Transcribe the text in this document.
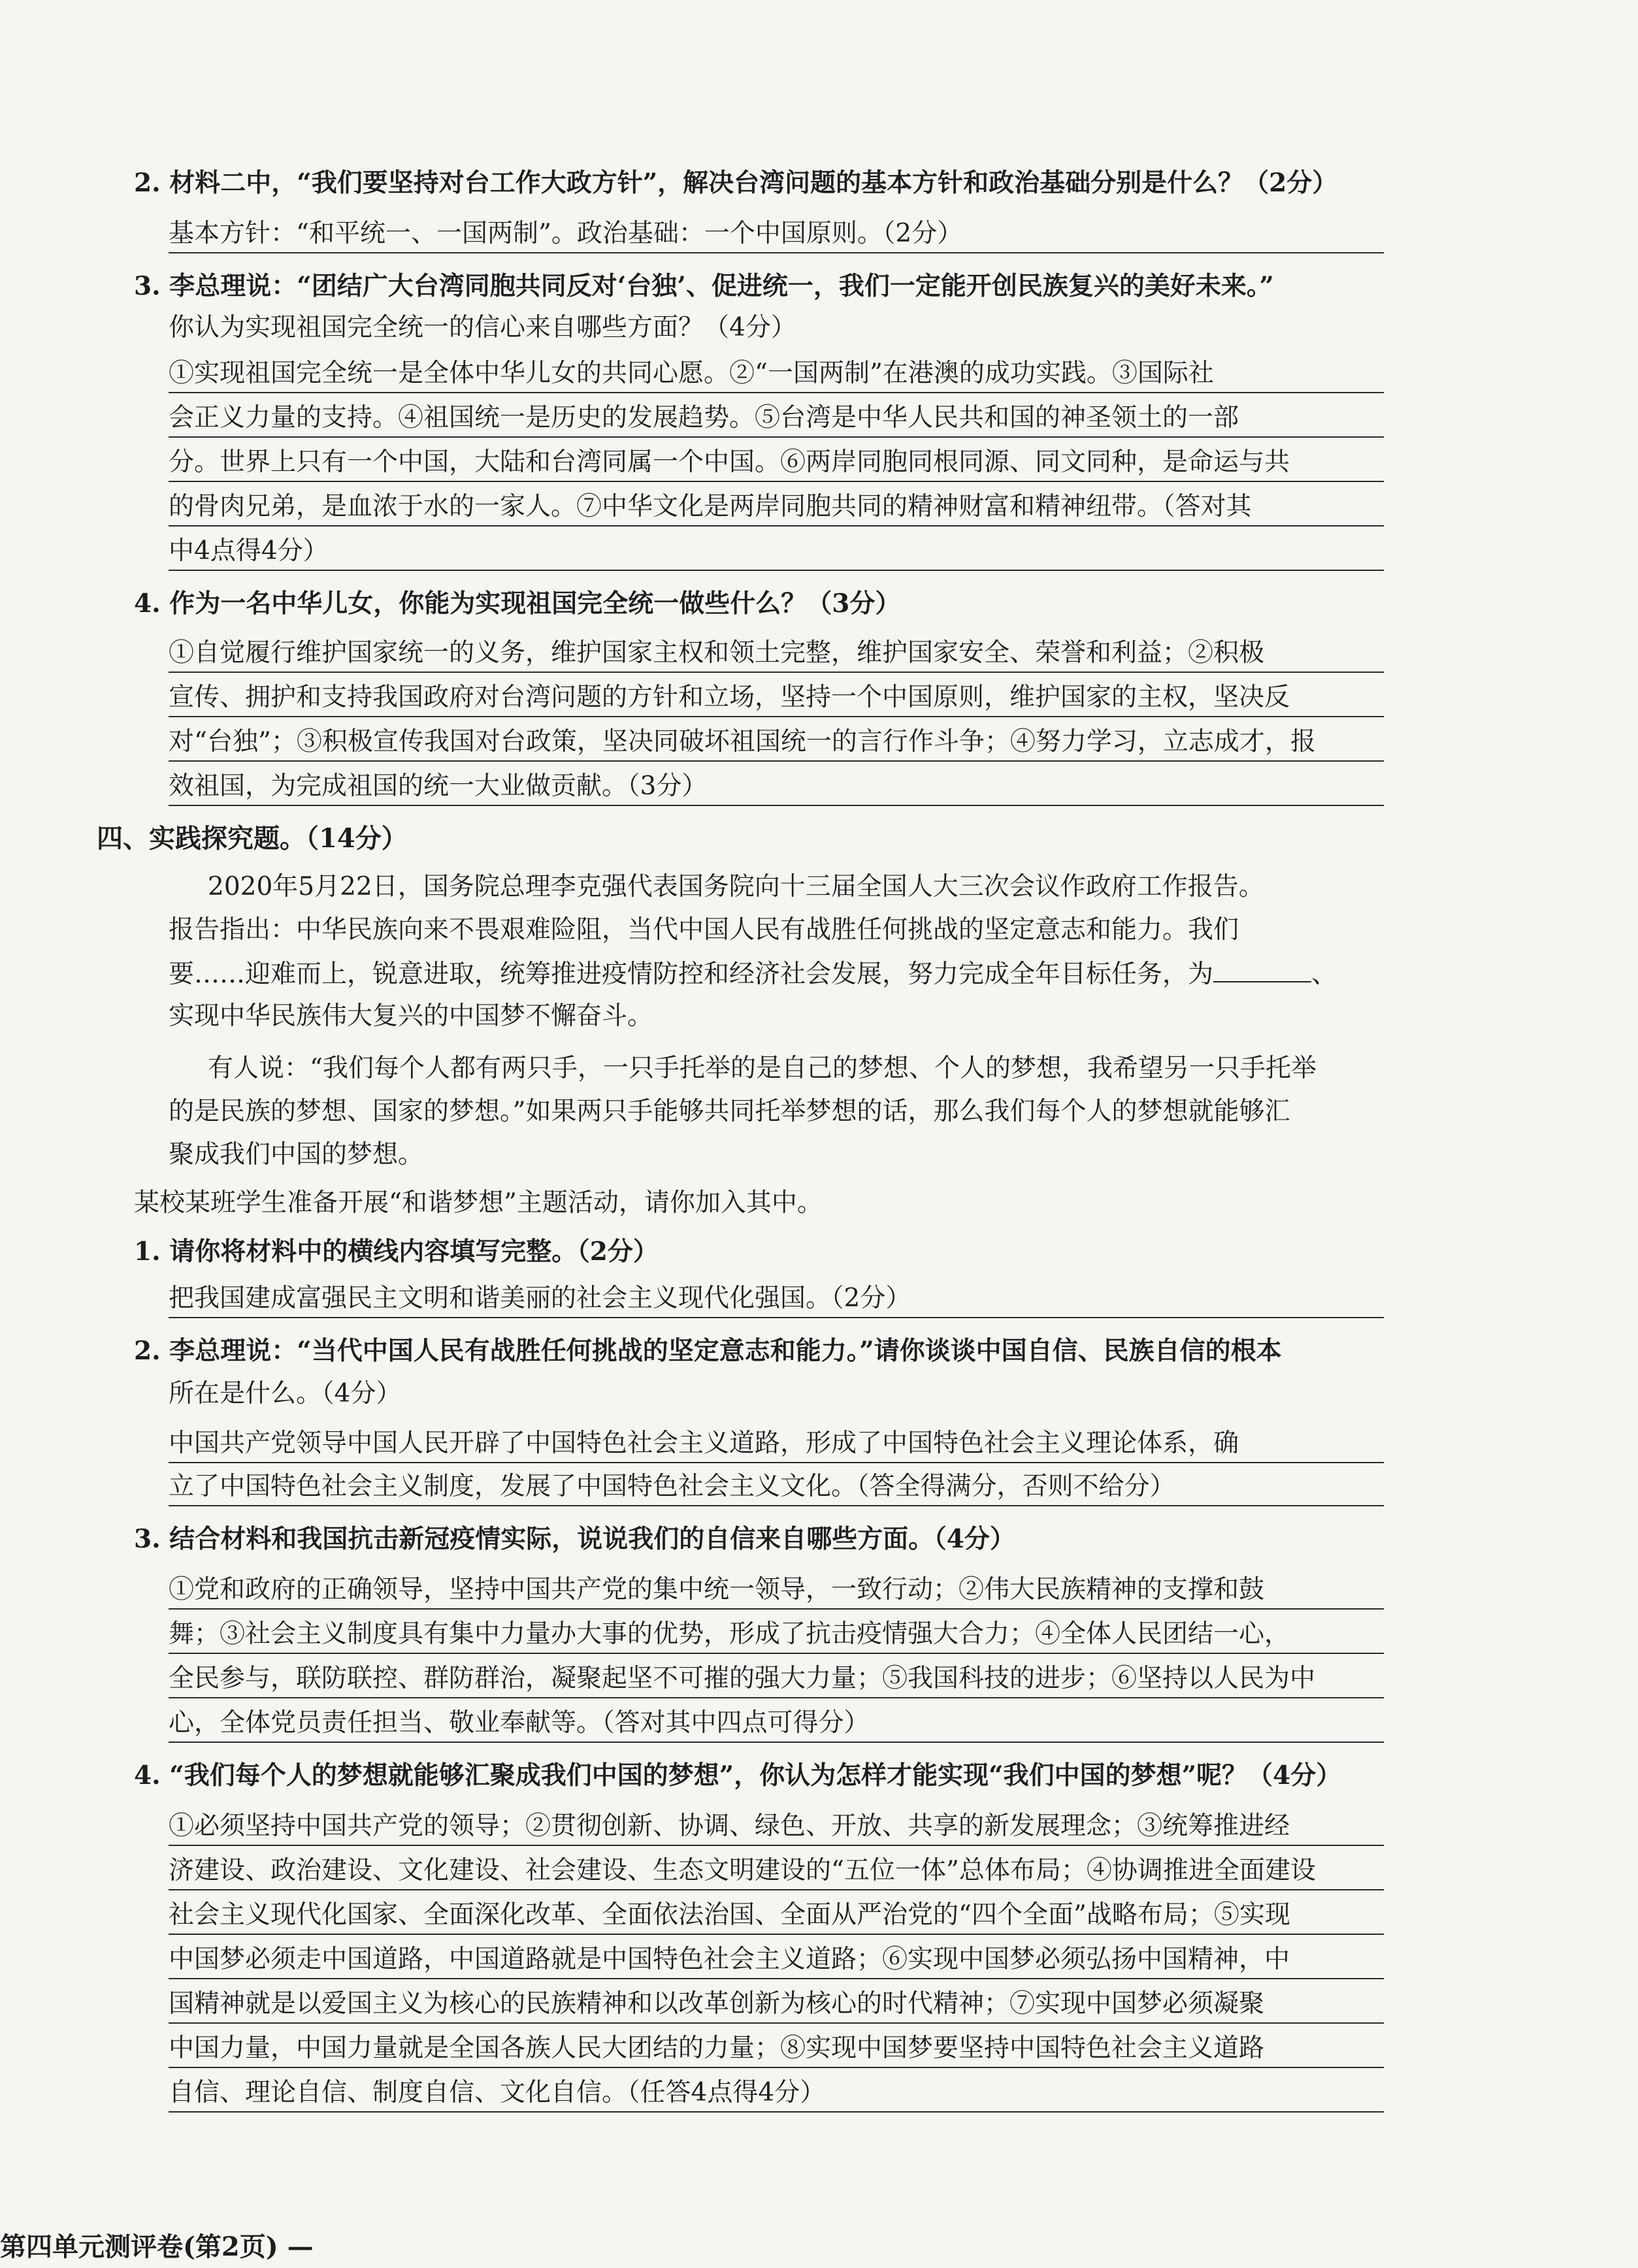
2. 材料二中，“我们要坚持对台工作大政方针”，解决台湾问题的基本方针和政治基础分别是什么？（2分）
基本方针：“和平统一、一国两制”。政治基础：一个中国原则。（2分）
3. 李总理说：“团结广大台湾同胞共同反对‘台独’、促进统一，我们一定能开创民族复兴的美好未来。”
你认为实现祖国完全统一的信心来自哪些方面？（4分）
①实现祖国完全统一是全体中华儿女的共同心愿。②“一国两制”在港澳的成功实践。③国际社
会正义力量的支持。④祖国统一是历史的发展趋势。⑤台湾是中华人民共和国的神圣领土的一部
分。世界上只有一个中国，大陆和台湾同属一个中国。⑥两岸同胞同根同源、同文同种，是命运与共
的骨肉兄弟，是血浓于水的一家人。⑦中华文化是两岸同胞共同的精神财富和精神纽带。（答对其
中4点得4分）
4. 作为一名中华儿女，你能为实现祖国完全统一做些什么？（3分）
①自觉履行维护国家统一的义务，维护国家主权和领土完整，维护国家安全、荣誉和利益；②积极
宣传、拥护和支持我国政府对台湾问题的方针和立场，坚持一个中国原则，维护国家的主权，坚决反
对“台独”；③积极宣传我国对台政策，坚决同破坏祖国统一的言行作斗争；④努力学习，立志成才，报
效祖国，为完成祖国的统一大业做贡献。（3分）
四、实践探究题。（14分）
2020年5月22日，国务院总理李克强代表国务院向十三届全国人大三次会议作政府工作报告。
报告指出：中华民族向来不畏艰难险阻，当代中国人民有战胜任何挑战的坚定意志和能力。我们
要……迎难而上，锐意进取，统筹推进疫情防控和经济社会发展，努力完成全年目标任务，为	、
实现中华民族伟大复兴的中国梦不懈奋斗。
有人说：“我们每个人都有两只手，一只手托举的是自己的梦想、个人的梦想，我希望另一只手托举
的是民族的梦想、国家的梦想。”如果两只手能够共同托举梦想的话，那么我们每个人的梦想就能够汇
聚成我们中国的梦想。
某校某班学生准备开展“和谐梦想”主题活动，请你加入其中。
1. 请你将材料中的横线内容填写完整。（2分）
把我国建成富强民主文明和谐美丽的社会主义现代化强国。（2分）
2. 李总理说：“当代中国人民有战胜任何挑战的坚定意志和能力。”请你谈谈中国自信、民族自信的根本
所在是什么。（4分）
中国共产党领导中国人民开辟了中国特色社会主义道路，形成了中国特色社会主义理论体系，确
立了中国特色社会主义制度，发展了中国特色社会主义文化。（答全得满分，否则不给分）
3. 结合材料和我国抗击新冠疫情实际，说说我们的自信来自哪些方面。（4分）
①党和政府的正确领导，坚持中国共产党的集中统一领导，一致行动；②伟大民族精神的支撑和鼓
舞；③社会主义制度具有集中力量办大事的优势，形成了抗击疫情强大合力；④全体人民团结一心，
全民参与，联防联控、群防群治，凝聚起坚不可摧的强大力量；⑤我国科技的进步；⑥坚持以人民为中
心，全体党员责任担当、敬业奉献等。（答对其中四点可得分）
4. “我们每个人的梦想就能够汇聚成我们中国的梦想”，你认为怎样才能实现“我们中国的梦想”呢？（4分）
①必须坚持中国共产党的领导；②贯彻创新、协调、绿色、开放、共享的新发展理念；③统筹推进经
济建设、政治建设、文化建设、社会建设、生态文明建设的“五位一体”总体布局；④协调推进全面建设
社会主义现代化国家、全面深化改革、全面依法治国、全面从严治党的“四个全面”战略布局；⑤实现
中国梦必须走中国道路，中国道路就是中国特色社会主义道路；⑥实现中国梦必须弘扬中国精神，中
国精神就是以爱国主义为核心的民族精神和以改革创新为核心的时代精神；⑦实现中国梦必须凝聚
中国力量，中国力量就是全国各族人民大团结的力量；⑧实现中国梦要坚持中国特色社会主义道路
自信、理论自信、制度自信、文化自信。（任答4点得4分）
第四单元测评卷(第2页) —
